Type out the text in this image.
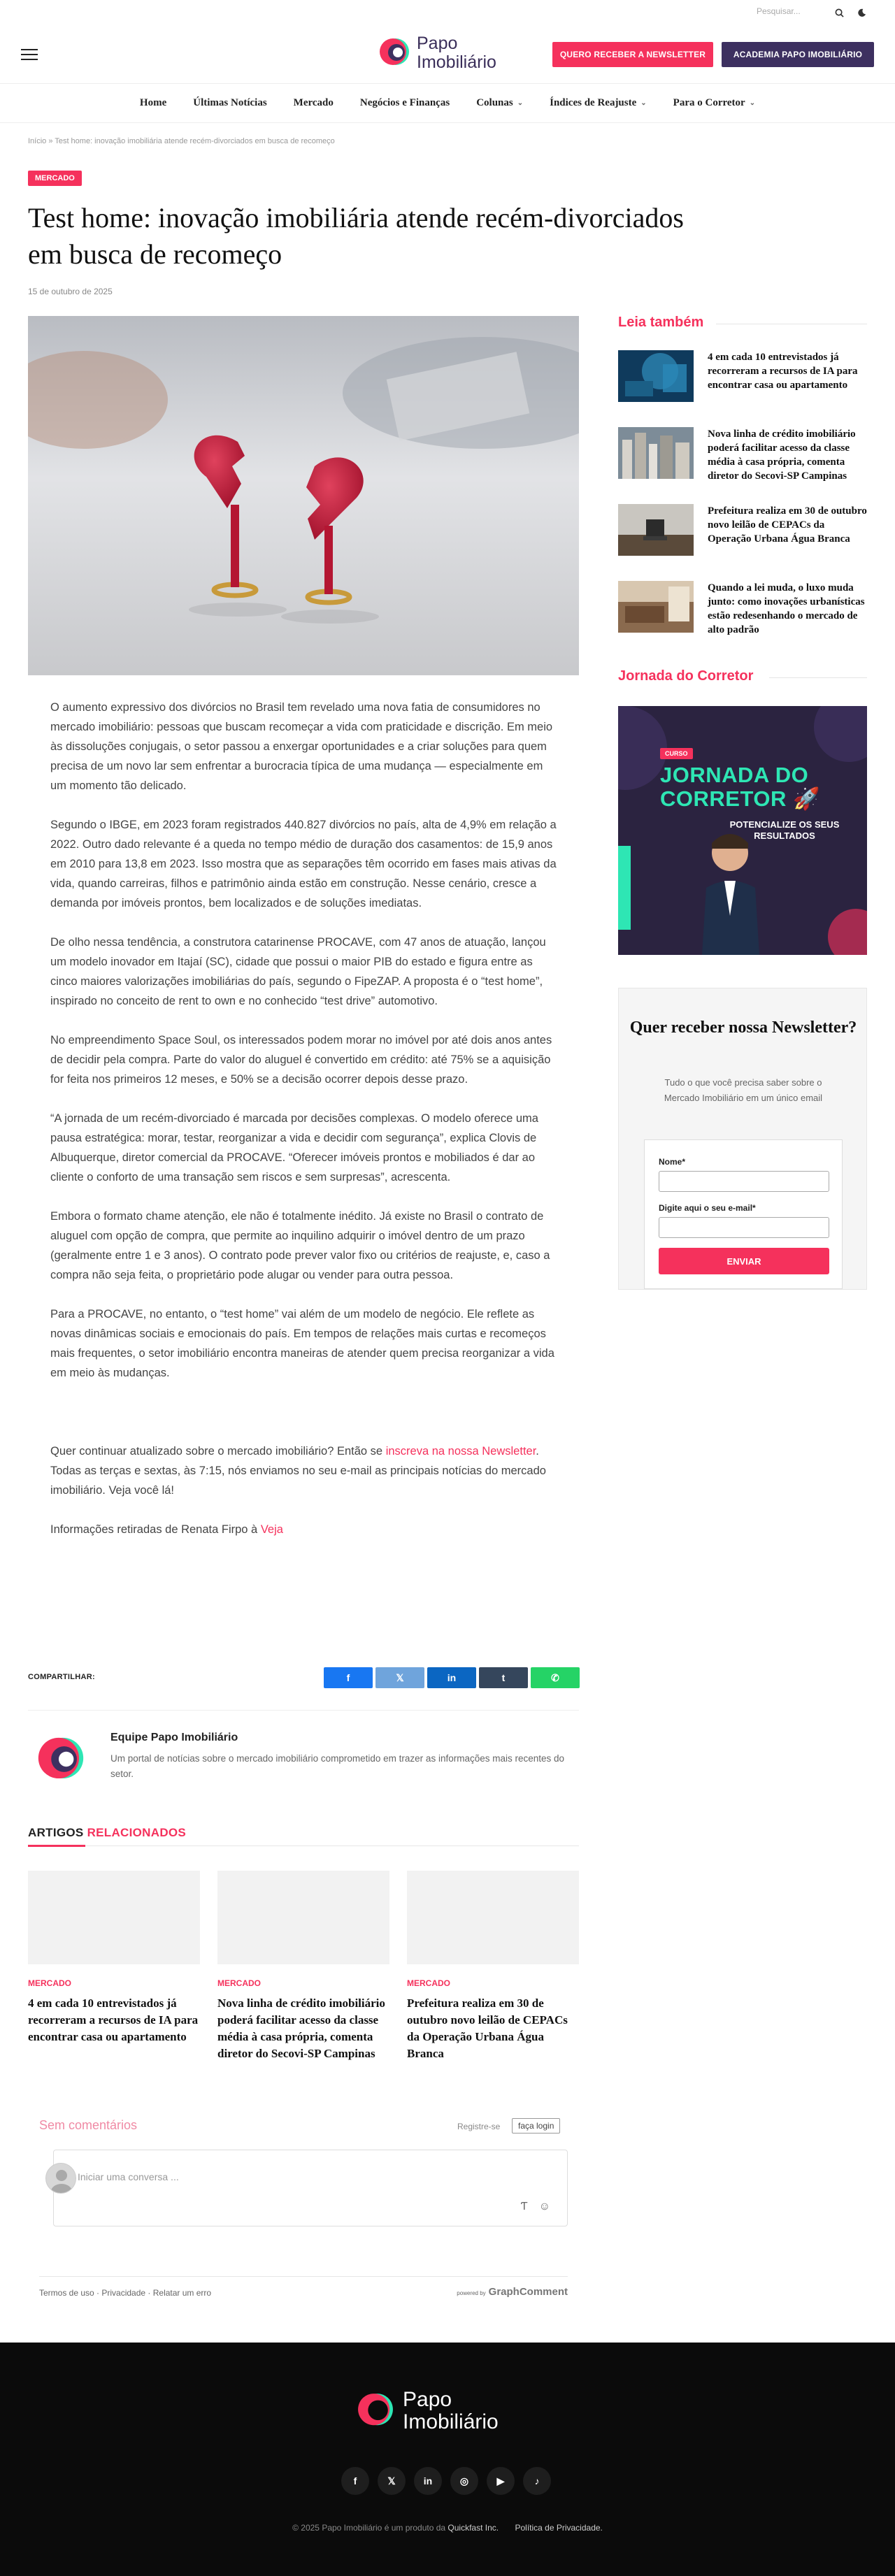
Pesquisar...
Papo
Imobiliário	QUERO RECEBER A NEWSLETTER	ACADEMIA PAPO IMOBILIÁRIO
Home	Últimas Notícias	Mercado	Negócios e Finanças	Colunas ⌄	Índices de Reajuste ⌄	Para o Corretor ⌄
Início » Test home: inovação imobiliária atende recém-divorciados em busca de recomeço
MERCADO
Test home: inovação imobiliária atende recém-divorciados em busca de recomeço
15 de outubro de 2025

O aumento expressivo dos divórcios no Brasil tem revelado uma nova fatia de consumidores no mercado imobiliário: pessoas que buscam recomeçar a vida com praticidade e discrição. Em meio às dissoluções conjugais, o setor passou a enxergar oportunidades e a criar soluções para quem precisa de um novo lar sem enfrentar a burocracia típica de uma mudança — especialmente em um momento tão delicado.

Segundo o IBGE, em 2023 foram registrados 440.827 divórcios no país, alta de 4,9% em relação a 2022. Outro dado relevante é a queda no tempo médio de duração dos casamentos: de 15,9 anos em 2010 para 13,8 em 2023. Isso mostra que as separações têm ocorrido em fases mais ativas da vida, quando carreiras, filhos e patrimônio ainda estão em construção. Nesse cenário, cresce a demanda por imóveis prontos, bem localizados e de soluções imediatas.

De olho nessa tendência, a construtora catarinense PROCAVE, com 47 anos de atuação, lançou um modelo inovador em Itajaí (SC), cidade que possui o maior PIB do estado e figura entre as cinco maiores valorizações imobiliárias do país, segundo o FipeZAP. A proposta é o “test home”, inspirado no conceito de rent to own e no conhecido “test drive” automotivo.

No empreendimento Space Soul, os interessados podem morar no imóvel por até dois anos antes de decidir pela compra. Parte do valor do aluguel é convertido em crédito: até 75% se a aquisição for feita nos primeiros 12 meses, e 50% se a decisão ocorrer depois desse prazo.

“A jornada de um recém-divorciado é marcada por decisões complexas. O modelo oferece uma pausa estratégica: morar, testar, reorganizar a vida e decidir com segurança”, explica Clovis de Albuquerque, diretor comercial da PROCAVE. “Oferecer imóveis prontos e mobiliados é dar ao cliente o conforto de uma transação sem riscos e sem surpresas”, acrescenta.

Embora o formato chame atenção, ele não é totalmente inédito. Já existe no Brasil o contrato de aluguel com opção de compra, que permite ao inquilino adquirir o imóvel dentro de um prazo (geralmente entre 1 e 3 anos). O contrato pode prever valor fixo ou critérios de reajuste, e, caso a compra não seja feita, o proprietário pode alugar ou vender para outra pessoa.

Para a PROCAVE, no entanto, o “test home” vai além de um modelo de negócio. Ele reflete as novas dinâmicas sociais e emocionais do país. Em tempos de relações mais curtas e recomeços mais frequentes, o setor imobiliário encontra maneiras de atender quem precisa reorganizar a vida em meio às mudanças.

Quer continuar atualizado sobre o mercado imobiliário? Então se inscreva na nossa Newsletter. Todas as terças e sextas, às 7:15, nós enviamos no seu e-mail as principais notícias do mercado imobiliário. Veja você lá!

Informações retiradas de Renata Firpo à Veja

COMPARTILHAR:	f	𝕏	in	t	✆
Equipe Papo Imobiliário
Um portal de notícias sobre o mercado imobiliário comprometido em trazer as informações mais recentes do setor.
ARTIGOS RELACIONADOS
MERCADO
4 em cada 10 entrevistados já recorreram a recursos de IA para encontrar casa ou apartamento
MERCADO
Nova linha de crédito imobiliário poderá facilitar acesso da classe média à casa própria, comenta diretor do Secovi-SP Campinas
MERCADO
Prefeitura realiza em 30 de outubro novo leilão de CEPACs da Operação Urbana Água Branca
Sem comentários	Registre-se	faça login
Iniciar uma conversa ...
Ƭ ☺
Termos de uso · Privacidade · Relatar um erro	powered by GraphComment
Leia também
4 em cada 10 entrevistados já recorreram a recursos de IA para encontrar casa ou apartamento
Nova linha de crédito imobiliário poderá facilitar acesso da classe média à casa própria, comenta diretor do Secovi-SP Campinas
Prefeitura realiza em 30 de outubro novo leilão de CEPACs da Operação Urbana Água Branca
Quando a lei muda, o luxo muda junto: como inovações urbanísticas estão redesenhando o mercado de alto padrão
Jornada do Corretor
CURSO
JORNADA DO
CORRETOR 🚀
POTENCIALIZE OS SEUS RESULTADOS
Quer receber nossa Newsletter?
Tudo o que você precisa saber sobre o Mercado Imobiliário em um único email
Nome*
Digite aqui o seu e-mail*
ENVIAR
Papo
Imobiliário
f	𝕏	in	◎	▶	♪
© 2025 Papo Imobiliário é um produto da Quickfast Inc. Política de Privacidade.
